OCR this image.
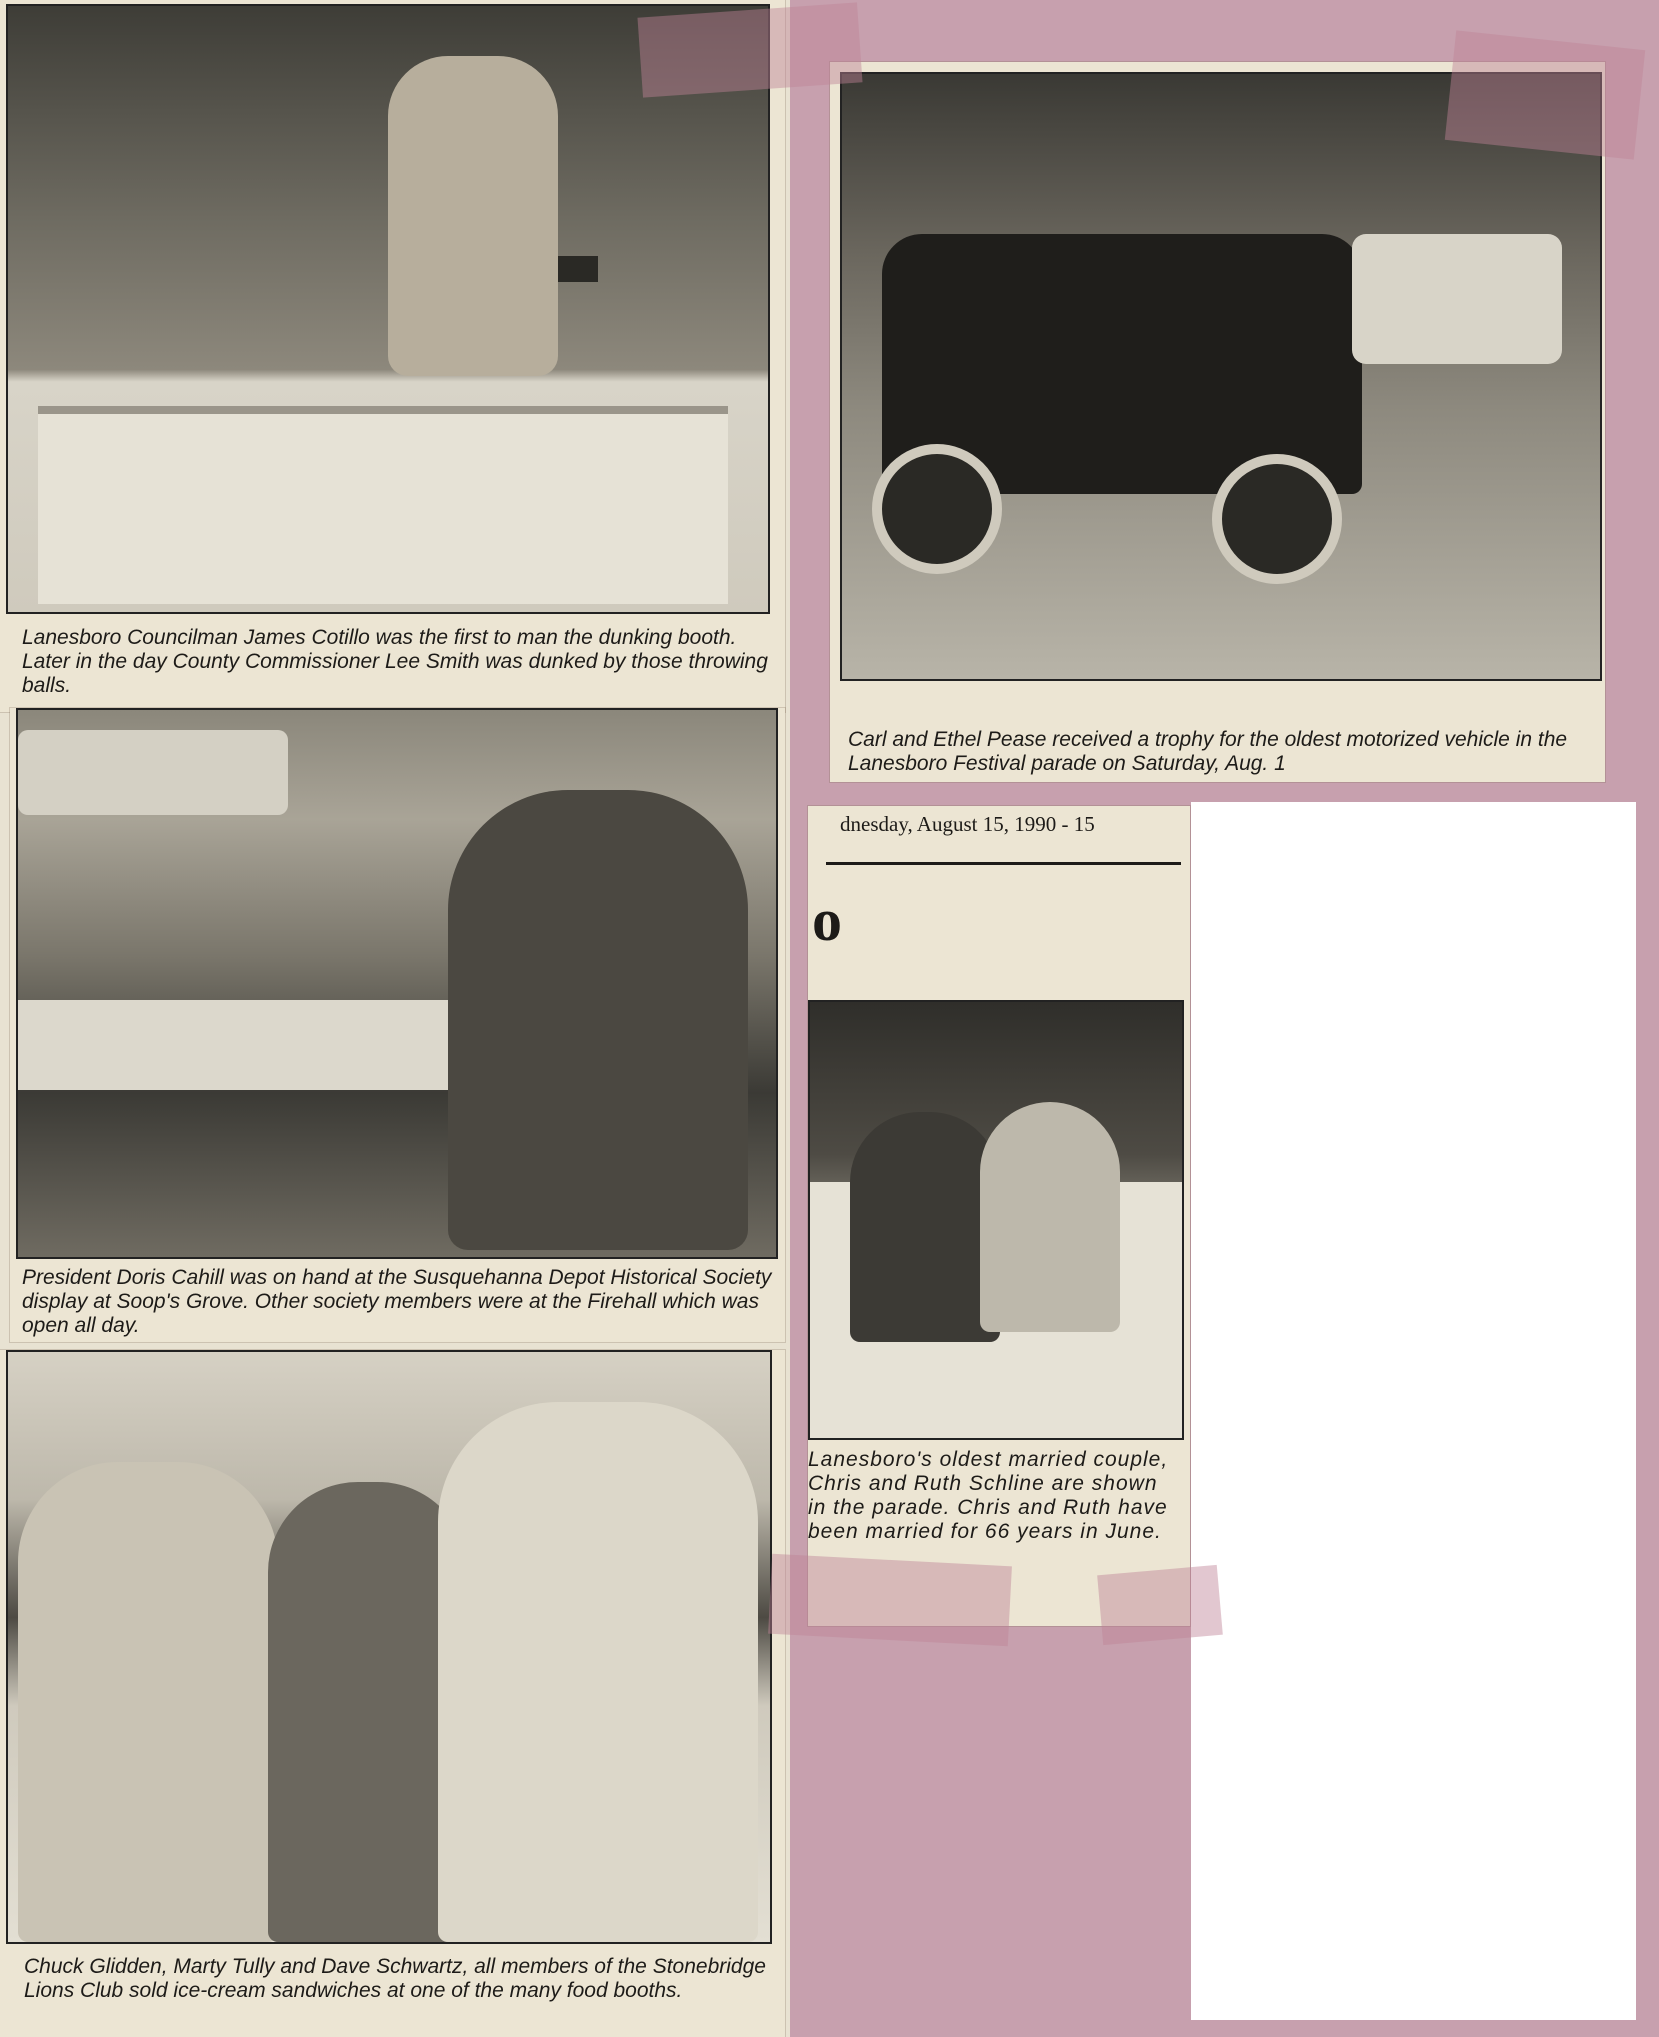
Lanesboro Councilman James Cotillo was the first to man the dunking booth. Later in the day County Commissioner Lee Smith was dunked by those throwing balls.
President Doris Cahill was on hand at the Susquehanna Depot Historical Society display at Soop's Grove. Other society members were at the Firehall which was open all day.
Chuck Glidden, Marty Tully and Dave Schwartz, all members of the Stonebridge Lions Club sold ice-cream sandwiches at one of the many food booths.
Carl and Ethel Pease received a trophy for the oldest motorized vehicle in the Lanesboro Festival parade on Saturday, Aug. 1
dnesday, August 15, 1990 - 15
o
Lanesboro's oldest married couple, Chris and Ruth Schline are shown in the parade. Chris and Ruth have been married for 66 years in June.
